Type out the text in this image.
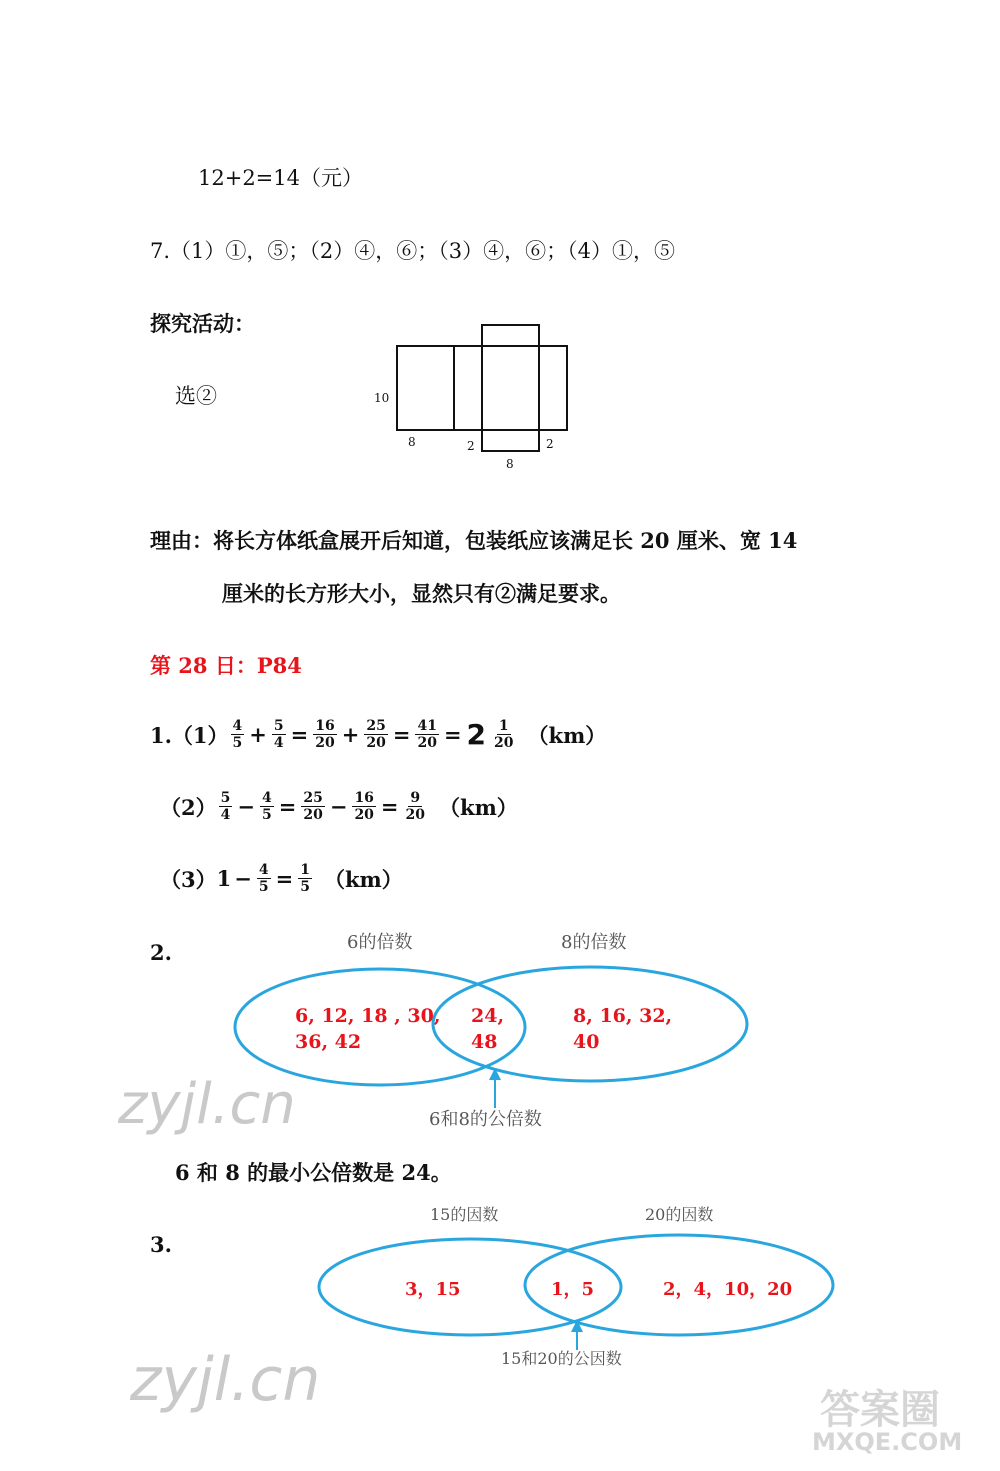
12+2=14（元）
7.（1）①，⑤；（2）④，⑥；（3）④，⑥；（4）①，⑤
探究活动：
选②	10
8	2	2
8
理由：将长方体纸盒展开后知道，包装纸应该满足长 20 厘米、宽 14
厘米的长方形大小，显然只有②满足要求。
第 28 日：P84
$1.(1) \frac{4}{5} + \frac{5}{4} = \frac{16}{20} + \frac{25}{20} = \frac{41}{20} = 2 \frac{1}{20} (km)$
$(2) \frac{5}{4} - \frac{4}{5} = \frac{25}{20} - \frac{16}{20} = \frac{9}{20} (km)$
（3） $1 - \frac{4}{5} = \frac{1}{5} (km)$
2.	6的倍数	8的倍数
6和8的公倍数
6, 12, 18 , 30,
36, 42
24,
48
8, 16, 32,
40
zyjl.cn
6 和 8 的最小公倍数是 24。
3.
15的因数	20的因数
15和20的公因数
3，15	1，5	2，4，10，20
zyjl.cn	答案圈
MXQE.COM
